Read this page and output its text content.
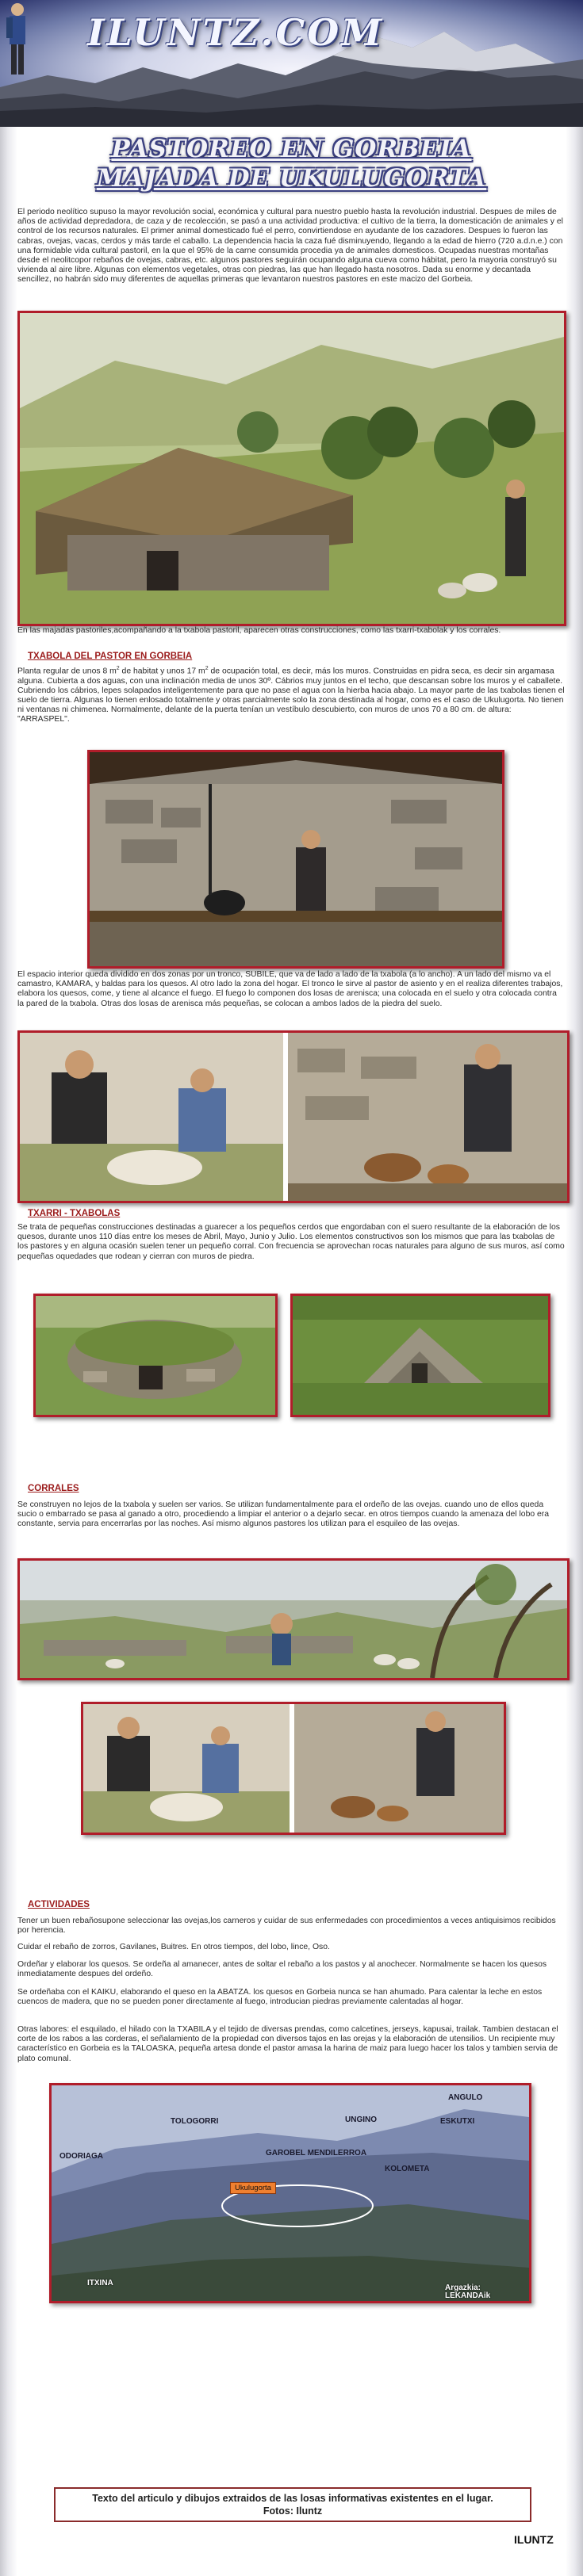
ILUNTZ.COM
PASTOREO EN GORBEIA
MAJADA DE UKULUGORTA

El periodo neolítico supuso la mayor revolución social, económica y cultural para nuestro pueblo hasta la revolución industrial. Despues de miles de años de actividad depredadora, de caza y de recolección, se pasó a una actividad productiva: el cultivo de la tierra, la domesticación de animales y el control de los recursos naturales. El primer animal domesticado fué el perro, convirtiendose en ayudante de los cazadores. Despues lo fueron las cabras, ovejas, vacas, cerdos y más tarde el caballo. La dependencia hacia la caza fué disminuyendo, llegando a la edad de hierro (720 a.d.n.e.) con una formidable vida cultural pastoril, en la que el 95% de la carne consumida procedia ya de animales domesticos. Ocupadas nuestras montañas desde el neolitcopor rebaños de ovejas, cabras, etc. algunos pastores seguirán ocupando alguna cueva como hábitat, pero la mayoria construyó su vivienda al aire libre. Algunas con elementos vegetales, otras con piedras, las que han llegado hasta nosotros. Dada su enorme y decantada sencillez, no habrán sido muy diferentes de aquellas primeras que levantaron nuestros pastores en este macizo del Gorbeia.

En las majadas pastoriles,acompañando a la txabola pastoril, aparecen otras construcciones, como las txarri-txabolak y los corrales.

TXABOLA DEL PASTOR EN GORBEIA

Planta regular de unos 8 $m^2$ de habitat y unos 17 $m^2$ de ocupación total, es decir, más los muros. Construidas en pidra seca, es decir sin argamasa alguna. Cubierta a dos aguas, con una inclinación media de unos 30º. Cábrios muy juntos en el techo, que descansan sobre los muros y el caballete. Cubriendo los cábrios, lepes solapados inteligentemente para que no pase el agua con la hierba hacia abajo. La mayor parte de las txabolas tienen el suelo de tierra. Algunas lo tienen enlosado totalmente y otras parcialmente solo la zona destinada al hogar, como es el caso de Ukulugorta. No tienen ni ventanas ni chimenea. Normalmente, delante de la puerta tenían un vestíbulo descubierto, con muros de unos 70 a 80 cm. de altura: "ARRASPEL".

El espacio interior queda dividido en dos zonas por un tronco, SUBILE, que va de lado a lado de la txabola (a lo ancho). A un lado del mismo va el camastro, KAMARA, y baldas para los quesos. Al otro lado la zona del hogar. El tronco le sirve al pastor de asiento y en el realiza diferentes trabajos, elabora los quesos, come, y tiene al alcance el fuego. El fuego lo componen dos losas de arenisca; una colocada en el suelo y otra colocada contra la pared de la txabola. Otras dos losas de arenisca más pequeñas, se colocan a ambos lados de la piedra del suelo.

TXARRI - TXABOLAS

Se trata de pequeñas construcciones destinadas a guarecer a los pequeños cerdos que engordaban con el suero resultante de la elaboración de los quesos, durante unos 110 días entre los meses de Abril, Mayo, Junio y Julio. Los elementos constructivos son los mismos que para las txabolas de los pastores y en alguna ocasión suelen tener un pequeño corral. Con frecuencia se aprovechan rocas naturales para alguno de sus muros, así como pequeñas oquedades que rodean y cierran con muros de piedra.

CORRALES

Se construyen no lejos de la txabola y suelen ser varios. Se utilizan fundamentalmente para el ordeño de las ovejas. cuando uno de ellos queda sucio o embarrado se pasa al ganado a otro, procediendo a limpiar el anterior o a dejarlo secar. en otros tiempos cuando la amenaza del lobo era constante, servia para encerrarlas por las noches. Así mismo algunos pastores los utilizan para el esquileo de las ovejas.

ACTIVIDADES

Tener un buen rebañosupone seleccionar las ovejas,los carneros y cuidar de sus enfermedades con procedimientos a veces antiquisimos recibidos por herencia.

Cuidar el rebaño de zorros, Gavilanes, Buitres. En otros tiempos, del lobo, lince, Oso.

Ordeñar y elaborar los quesos. Se ordeña al amanecer, antes de soltar el rebaño a los pastos y al anochecer. Normalmente se hacen los quesos inmediatamente despues del ordeño.

Se ordeñaba con el KAIKU, elaborando el queso en la ABATZA. los quesos en Gorbeia nunca se han ahumado. Para calentar la leche en estos cuencos de madera, que no se pueden poner directamente al fuego, introducian piedras previamente calentadas al hogar.

Otras labores: el esquilado, el hilado con la TXABILA y el tejido de diversas prendas, como calcetines, jerseys, kapusai, trailak. Tambien destacan el corte de los rabos a las corderas, el señalamiento de la propiedad con diversos tajos en las orejas y la elaboración de utensilios. Un recipiente muy característico en Gorbeia es la TALOASKA, pequeña artesa donde el pastor amasa la harina de maiz para luego hacer los talos y tambien servia de plato comunal.

TOLOGORRI	UNGINO
ANGULO
ESKUTXI
ODORIAGA	GAROBEL MENDILERROA
KOLOMETA
Ukulugorta
ITXINA
Argazkia:
LEKANDAik
Texto del articulo y dibujos extraidos de las losas informativas existentes en el lugar.
Fotos: Iluntz
ILUNTZ
